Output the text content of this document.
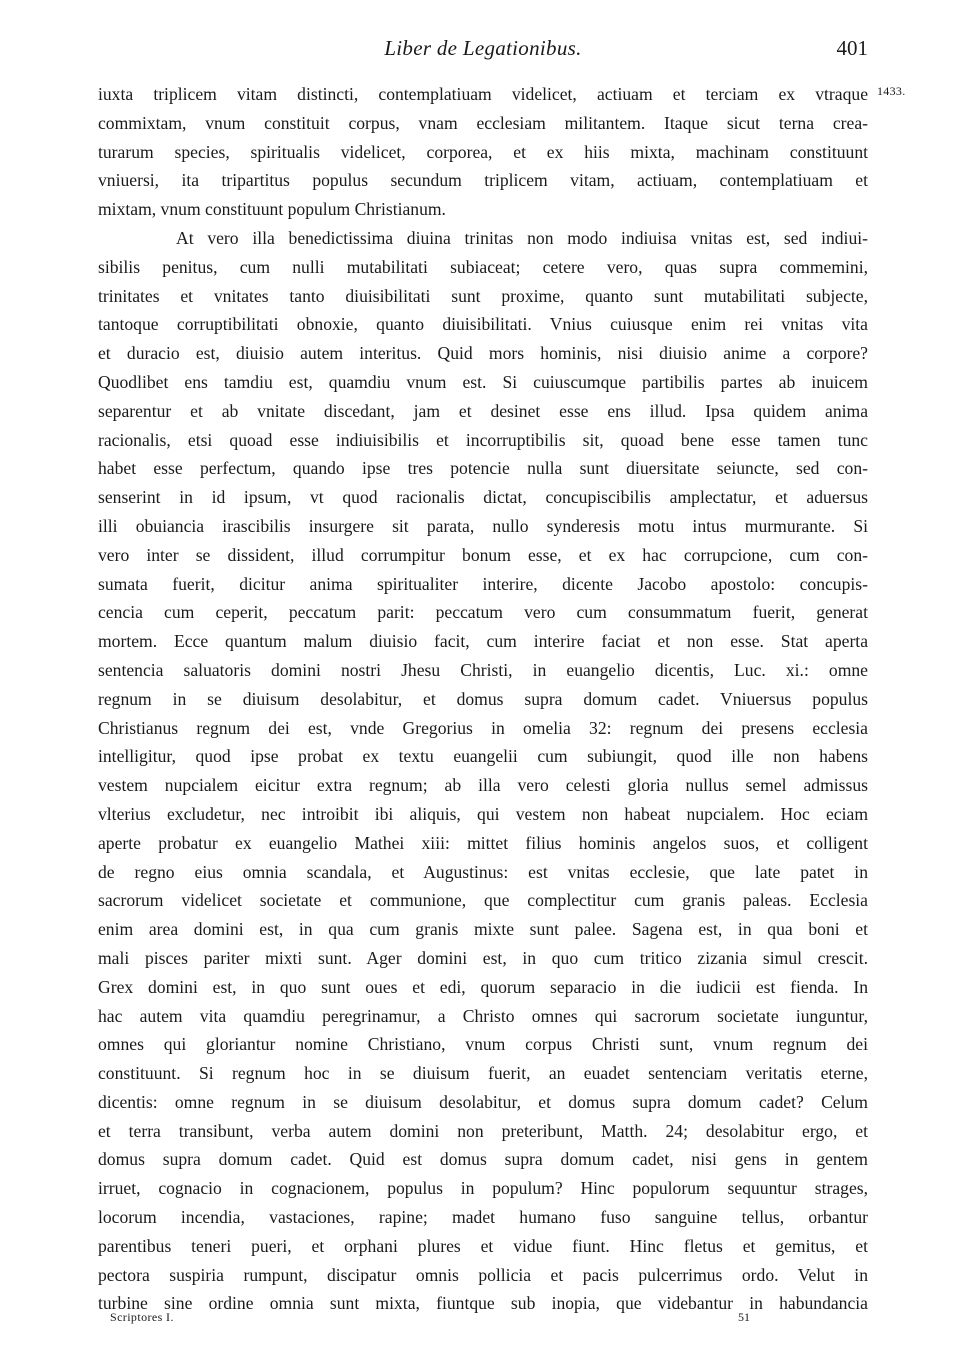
Liber de Legationibus.	401
1433.
iuxta triplicem vitam distincti, contemplatiuam videlicet, actiuam et terciam ex vtraque
commixtam, vnum constituit corpus, vnam ecclesiam militantem. Itaque sicut terna crea-
turarum species, spiritualis videlicet, corporea, et ex hiis mixta, machinam constituunt
vniuersi, ita tripartitus populus secundum triplicem vitam, actiuam, contemplatiuam et
mixtam, vnum constituunt populum Christianum.
At vero illa benedictissima diuina trinitas non modo indiuisa vnitas est, sed indiui-
sibilis penitus, cum nulli mutabilitati subiaceat; cetere vero, quas supra commemini,
trinitates et vnitates tanto diuisibilitati sunt proxime, quanto sunt mutabilitati subjecte,
tantoque corruptibilitati obnoxie, quanto diuisibilitati. Vnius cuiusque enim rei vnitas vita
et duracio est, diuisio autem interitus. Quid mors hominis, nisi diuisio anime a corpore?
Quodlibet ens tamdiu est, quamdiu vnum est. Si cuiuscumque partibilis partes ab inuicem
separentur et ab vnitate discedant, jam et desinet esse ens illud. Ipsa quidem anima
racionalis, etsi quoad esse indiuisibilis et incorruptibilis sit, quoad bene esse tamen tunc
habet esse perfectum, quando ipse tres potencie nulla sunt diuersitate seiuncte, sed con-
senserint in id ipsum, vt quod racionalis dictat, concupiscibilis amplectatur, et aduersus
illi obuiancia irascibilis insurgere sit parata, nullo synderesis motu intus murmurante. Si
vero inter se dissident, illud corrumpitur bonum esse, et ex hac corrupcione, cum con-
sumata fuerit, dicitur anima spiritualiter interire, dicente Jacobo apostolo: concupis-
cencia cum ceperit, peccatum parit: peccatum vero cum consummatum fuerit, generat
mortem. Ecce quantum malum diuisio facit, cum interire faciat et non esse. Stat aperta
sentencia saluatoris domini nostri Jhesu Christi, in euangelio dicentis, Luc. xi.: omne
regnum in se diuisum desolabitur, et domus supra domum cadet. Vniuersus populus
Christianus regnum dei est, vnde Gregorius in omelia 32: regnum dei presens ecclesia
intelligitur, quod ipse probat ex textu euangelii cum subiungit, quod ille non habens
vestem nupcialem eicitur extra regnum; ab illa vero celesti gloria nullus semel admissus
vlterius excludetur, nec introibit ibi aliquis, qui vestem non habeat nupcialem. Hoc eciam
aperte probatur ex euangelio Mathei xiii: mittet filius hominis angelos suos, et colligent
de regno eius omnia scandala, et Augustinus: est vnitas ecclesie, que late patet in
sacrorum videlicet societate et communione, que complectitur cum granis paleas. Ecclesia
enim area domini est, in qua cum granis mixte sunt palee. Sagena est, in qua boni et
mali pisces pariter mixti sunt. Ager domini est, in quo cum tritico zizania simul crescit.
Grex domini est, in quo sunt oues et edi, quorum separacio in die iudicii est fienda. In
hac autem vita quamdiu peregrinamur, a Christo omnes qui sacrorum societate iunguntur,
omnes qui gloriantur nomine Christiano, vnum corpus Christi sunt, vnum regnum dei
constituunt. Si regnum hoc in se diuisum fuerit, an euadet sentenciam veritatis eterne,
dicentis: omne regnum in se diuisum desolabitur, et domus supra domum cadet? Celum
et terra transibunt, verba autem domini non preteribunt, Matth. 24; desolabitur ergo, et
domus supra domum cadet. Quid est domus supra domum cadet, nisi gens in gentem
irruet, cognacio in cognacionem, populus in populum? Hinc populorum sequuntur strages,
locorum incendia, vastaciones, rapine; madet humano fuso sanguine tellus, orbantur
parentibus teneri pueri, et orphani plures et vidue fiunt. Hinc fletus et gemitus, et
pectora suspiria rumpunt, discipatur omnis pollicia et pacis pulcerrimus ordo. Velut in
turbine sine ordine omnia sunt mixta, fiuntque sub inopia, que videbantur in habundancia
Scriptores I.	51
